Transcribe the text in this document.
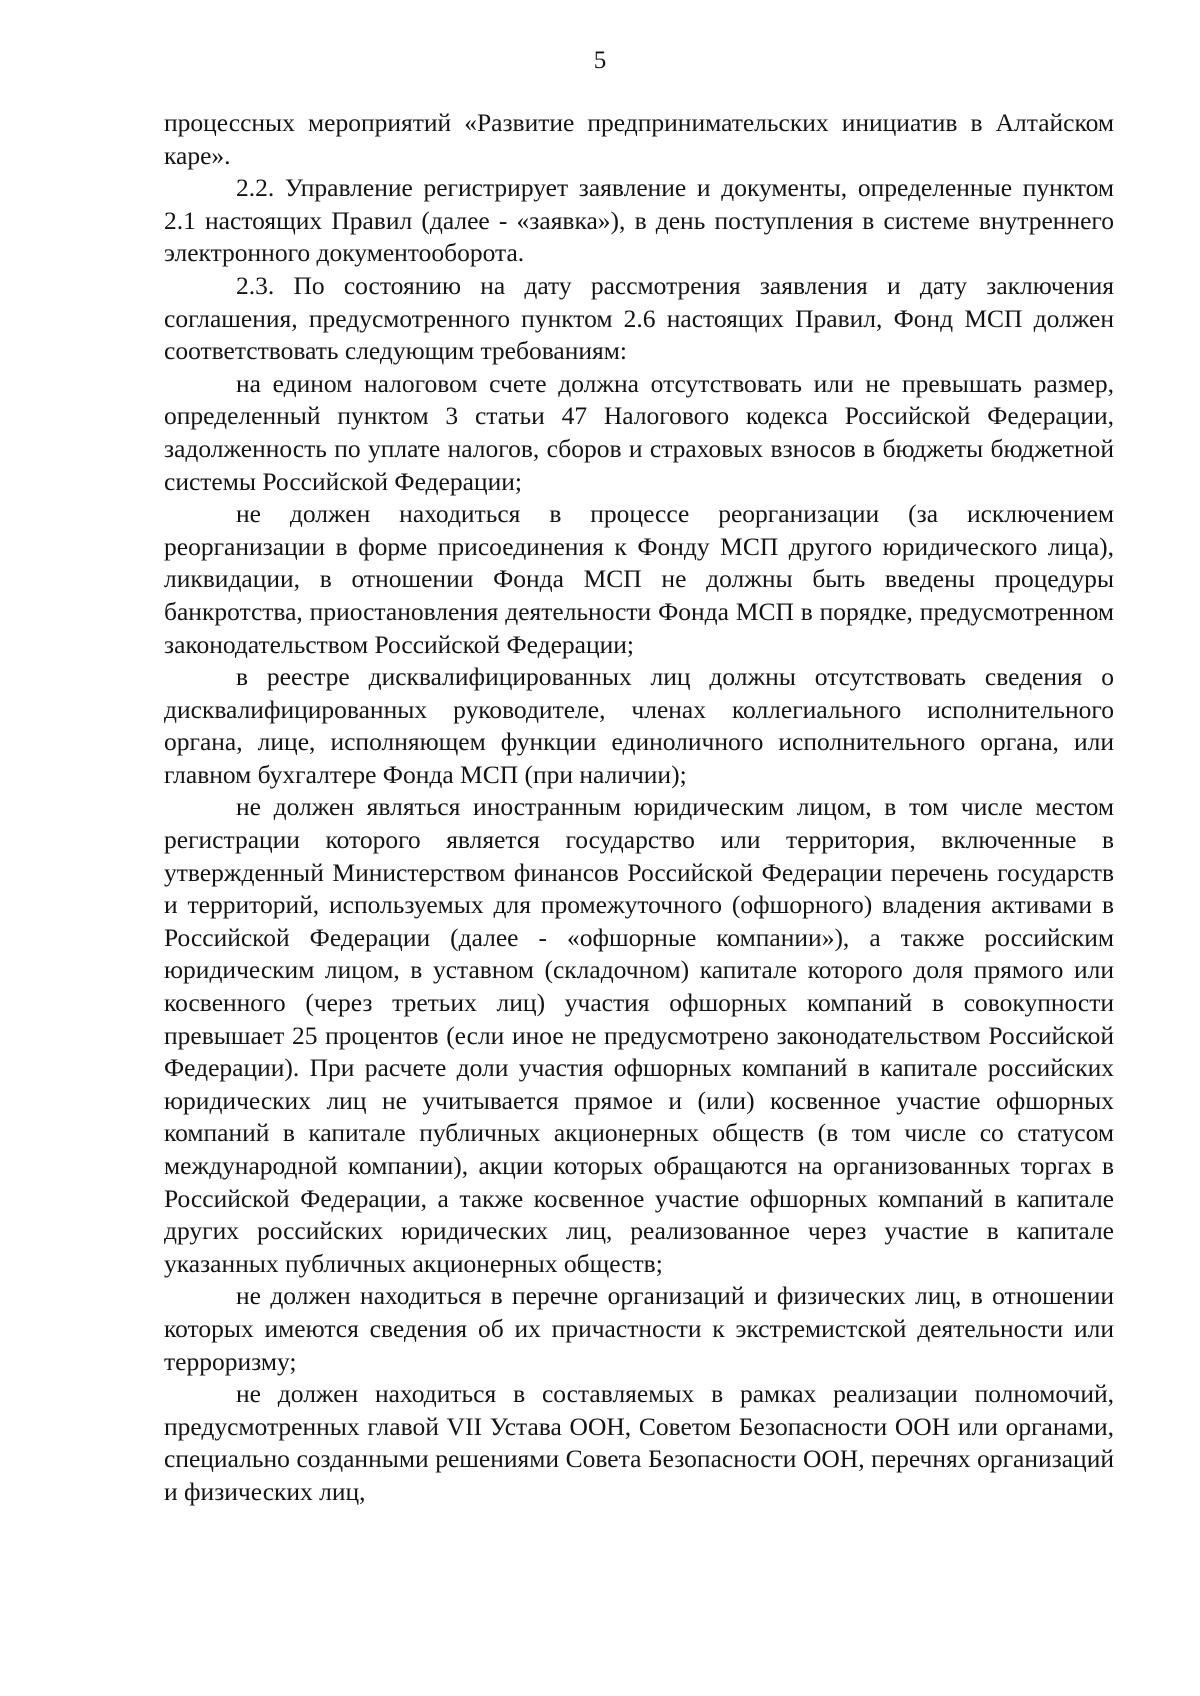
5

процессных мероприятий «Развитие предпринимательских инициатив в Алтайском каре».

2.2. Управление регистрирует заявление и документы, определенные пунктом 2.1 настоящих Правил (далее - «заявка»), в день поступления в системе внутреннего электронного документооборота.

2.3. По состоянию на дату рассмотрения заявления и дату заключения соглашения, предусмотренного пунктом 2.6 настоящих Правил, Фонд МСП должен соответствовать следующим требованиям:

на едином налоговом счете должна отсутствовать или не превышать размер, определенный пунктом 3 статьи 47 Налогового кодекса Российской Федерации, задолженность по уплате налогов, сборов и страховых взносов в бюджеты бюджетной системы Российской Федерации;

не должен находиться в процессе реорганизации (за исключением реорганизации в форме присоединения к Фонду МСП другого юридического лица), ликвидации, в отношении Фонда МСП не должны быть введены процедуры банкротства, приостановления деятельности Фонда МСП в порядке, предусмотренном законодательством Российской Федерации;

в реестре дисквалифицированных лиц должны отсутствовать сведения о дисквалифицированных руководителе, членах коллегиального исполнительного органа, лице, исполняющем функции единоличного исполнительного органа, или главном бухгалтере Фонда МСП (при наличии);

не должен являться иностранным юридическим лицом, в том числе местом регистрации которого является государство или территория, включенные в утвержденный Министерством финансов Российской Федерации перечень государств и территорий, используемых для промежуточного (офшорного) владения активами в Российской Федерации (далее - «офшорные компании»), а также российским юридическим лицом, в уставном (складочном) капитале которого доля прямого или косвенного (через третьих лиц) участия офшорных компаний в совокупности превышает 25 процентов (если иное не предусмотрено законодательством Российской Федерации). При расчете доли участия офшорных компаний в капитале российских юридических лиц не учитывается прямое и (или) косвенное участие офшорных компаний в капитале публичных акционерных обществ (в том числе со статусом международной компании), акции которых обращаются на организованных торгах в Российской Федерации, а также косвенное участие офшорных компаний в капитале других российских юридических лиц, реализованное через участие в капитале указанных публичных акционерных обществ;

не должен находиться в перечне организаций и физических лиц, в отношении которых имеются сведения об их причастности к экстремистской деятельности или терроризму;

не должен находиться в составляемых в рамках реализации полномочий, предусмотренных главой VII Устава ООН, Советом Безопасности ООН или органами, специально созданными решениями Совета Безопасности ООН, перечнях организаций и физических лиц,
